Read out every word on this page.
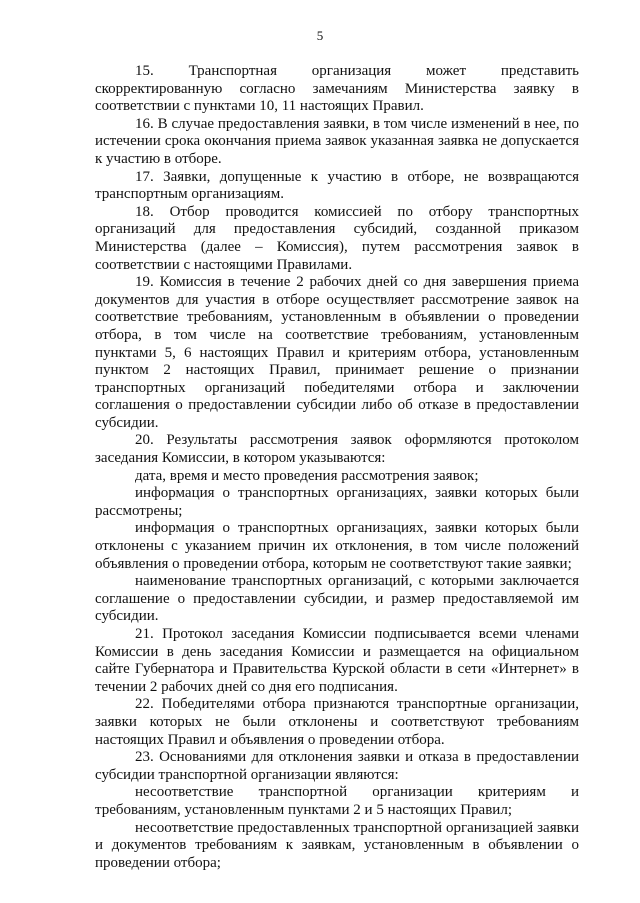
5

15. Транспортная организация может представить скорректированную согласно замечаниям Министерства заявку в соответствии с пунктами 10, 11 настоящих Правил.

16. В случае предоставления заявки, в том числе изменений в нее, по истечении срока окончания приема заявок указанная заявка не допускается к участию в отборе.

17. Заявки, допущенные к участию в отборе, не возвращаются транспортным организациям.

18. Отбор проводится комиссией по отбору транспортных организаций для предоставления субсидий, созданной приказом Министерства (далее – Комиссия), путем рассмотрения заявок в соответствии с настоящими Правилами.

19. Комиссия в течение 2 рабочих дней со дня завершения приема документов для участия в отборе осуществляет рассмотрение заявок на соответствие требованиям, установленным в объявлении о проведении отбора, в том числе на соответствие требованиям, установленным пунктами 5, 6 настоящих Правил и критериям отбора, установленным пунктом 2 настоящих Правил, принимает решение о признании транспортных организаций победителями отбора и заключении соглашения о предоставлении субсидии либо об отказе в предоставлении субсидии.

20. Результаты рассмотрения заявок оформляются протоколом заседания Комиссии, в котором указываются:

дата, время и место проведения рассмотрения заявок;

информация о транспортных организациях, заявки которых были рассмотрены;

информация о транспортных организациях, заявки которых были отклонены с указанием причин их отклонения, в том числе положений объявления о проведении отбора, которым не соответствуют такие заявки;

наименование транспортных организаций, с которыми заключается соглашение о предоставлении субсидии, и размер предоставляемой им субсидии.

21. Протокол заседания Комиссии подписывается всеми членами Комиссии в день заседания Комиссии и размещается на официальном сайте Губернатора и Правительства Курской области в сети «Интернет» в течении 2 рабочих дней со дня его подписания.

22. Победителями отбора признаются транспортные организации, заявки которых не были отклонены и соответствуют требованиям настоящих Правил и объявления о проведении отбора.

23. Основаниями для отклонения заявки и отказа в предоставлении субсидии транспортной организации являются:

несоответствие транспортной организации критериям и требованиям, установленным пунктами 2 и 5 настоящих Правил;

несоответствие предоставленных транспортной организацией заявки и документов требованиям к заявкам, установленным в объявлении о проведении отбора;
